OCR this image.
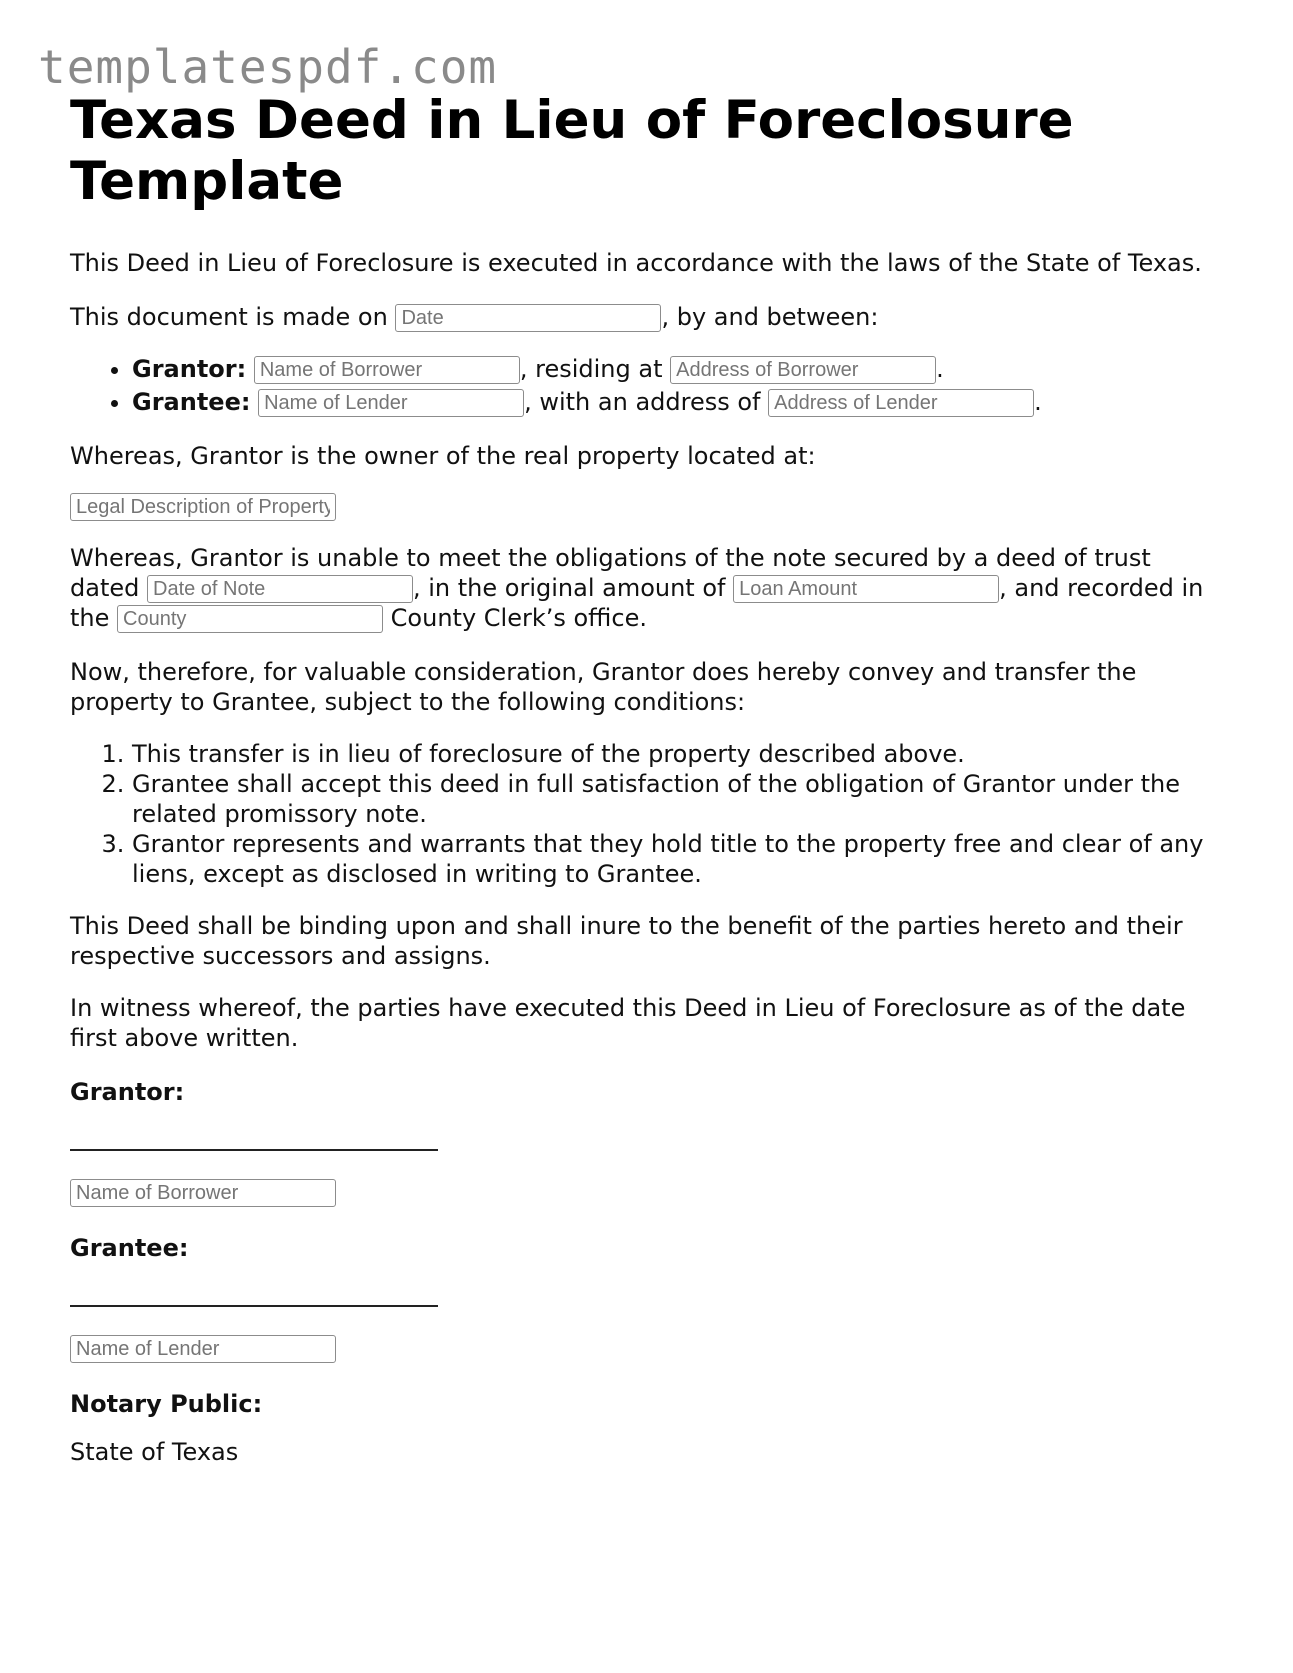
templatespdf.com
Texas Deed in Lieu of Foreclosure Template

This Deed in Lieu of Foreclosure is executed in accordance with the laws of the State of Texas.

This document is made on Date	, by and between:

• Grantor: Name of Borrower	, residing at Address of Borrower	.
• Grantee: Name of Lender	, with an address of Address of Lender	.

Whereas, Grantor is the owner of the real property located at:

Legal Description of Property

Whereas, Grantor is unable to meet the obligations of the note secured by a deed of trust dated Date of Note	, in the original amount of Loan Amount	, and recorded in the County	County Clerk’s office.

Now, therefore, for valuable consideration, Grantor does hereby convey and transfer the property to Grantee, subject to the following conditions:

1. This transfer is in lieu of foreclosure of the property described above.
2. Grantee shall accept this deed in full satisfaction of the obligation of Grantor under the related promissory note.
3. Grantor represents and warrants that they hold title to the property free and clear of any liens, except as disclosed in writing to Grantee.

This Deed shall be binding upon and shall inure to the benefit of the parties hereto and their respective successors and assigns.

In witness whereof, the parties have executed this Deed in Lieu of Foreclosure as of the date first above written.

Grantor:

Name of Borrower

Grantee:

Name of Lender

Notary Public:

State of Texas
